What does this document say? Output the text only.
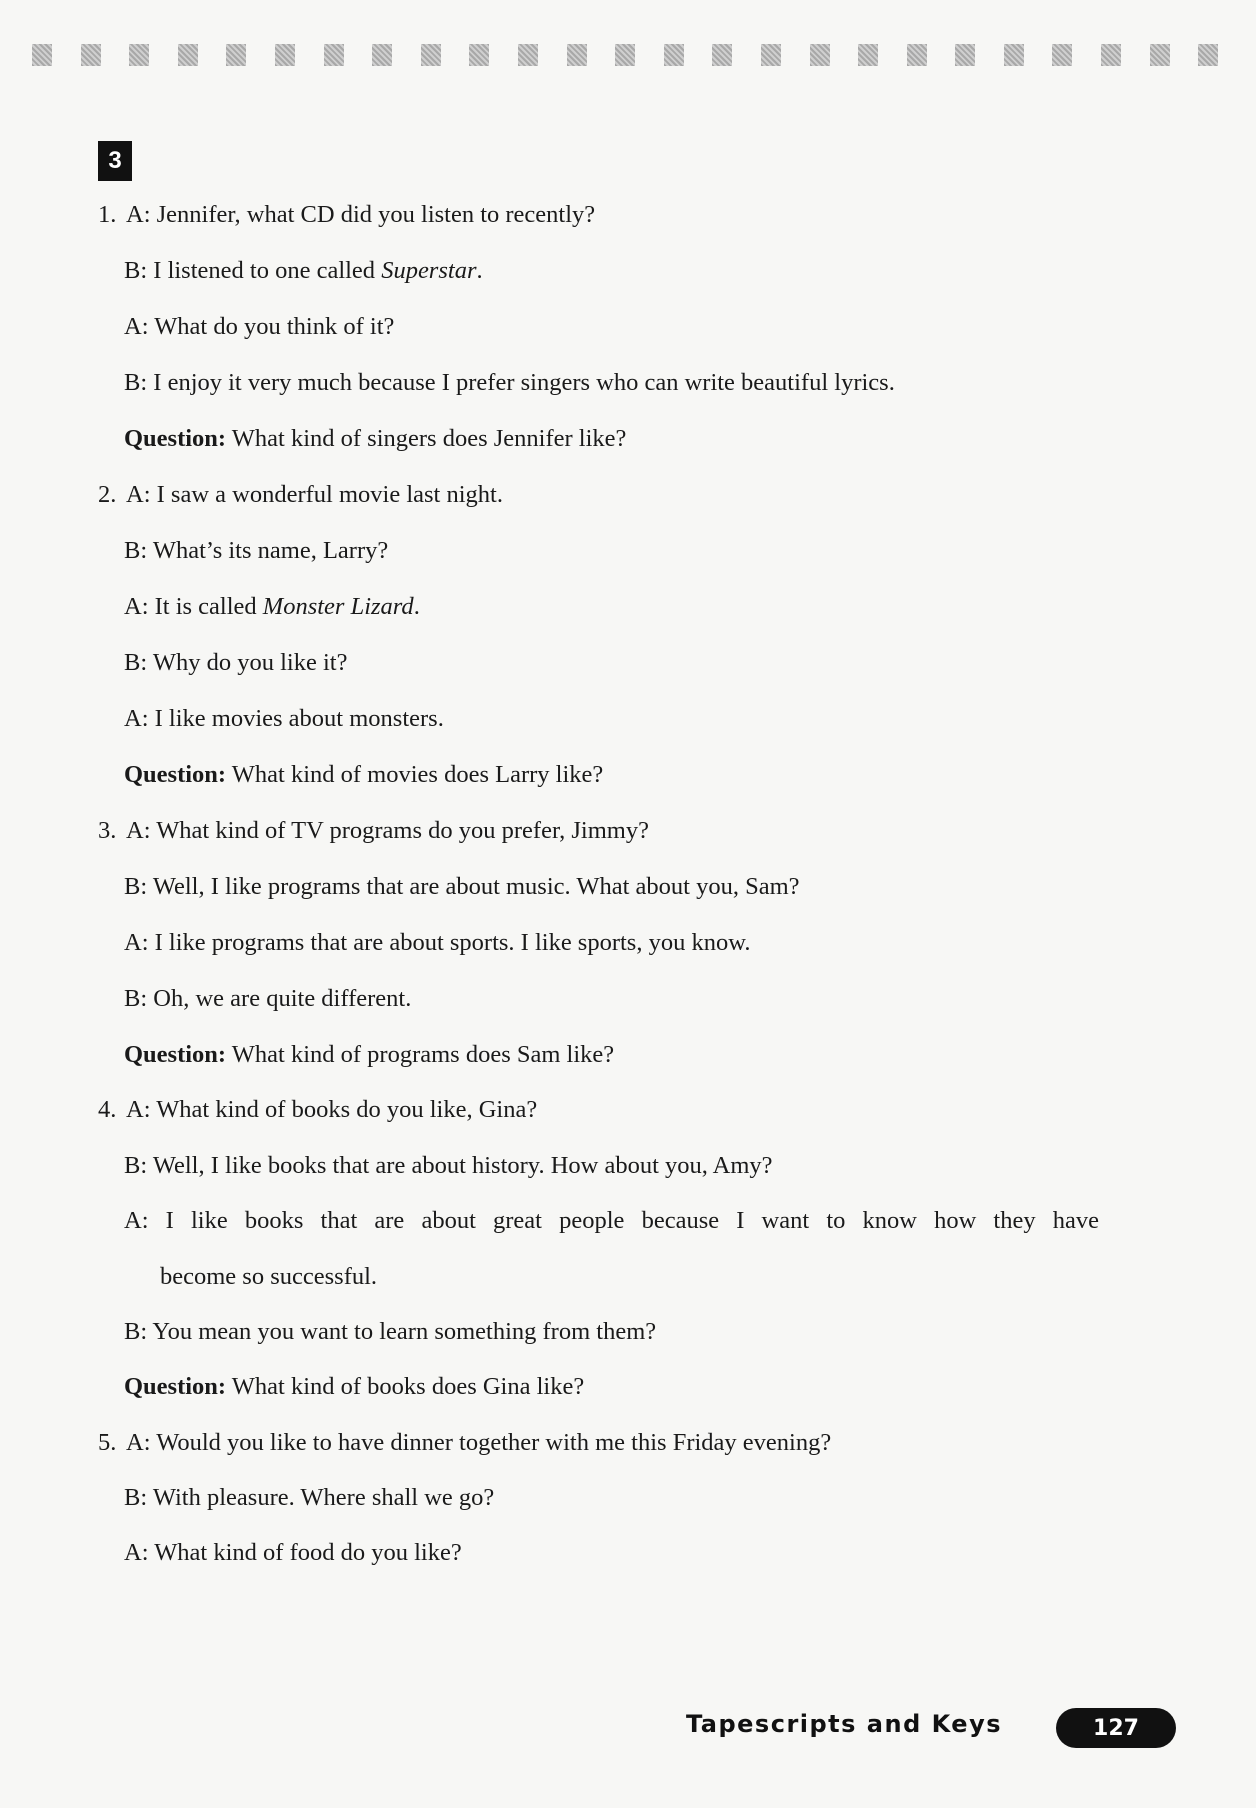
3
1. A: Jennifer, what CD did you listen to recently?
B: I listened to one called Superstar.
A: What do you think of it?
B: I enjoy it very much because I prefer singers who can write beautiful lyrics.
Question: What kind of singers does Jennifer like?
2. A: I saw a wonderful movie last night.
B: What’s its name, Larry?
A: It is called Monster Lizard.
B: Why do you like it?
A: I like movies about monsters.
Question: What kind of movies does Larry like?
3. A: What kind of TV programs do you prefer, Jimmy?
B: Well, I like programs that are about music. What about you, Sam?
A: I like programs that are about sports. I like sports, you know.
B: Oh, we are quite different.
Question: What kind of programs does Sam like?
4. A: What kind of books do you like, Gina?
B: Well, I like books that are about history. How about you, Amy?
A: I like books that are about great people because I want to know how they have
become so successful.
B: You mean you want to learn something from them?
Question: What kind of books does Gina like?
5. A: Would you like to have dinner together with me this Friday evening?
B: With pleasure. Where shall we go?
A: What kind of food do you like?
Tapescripts and Keys	127
